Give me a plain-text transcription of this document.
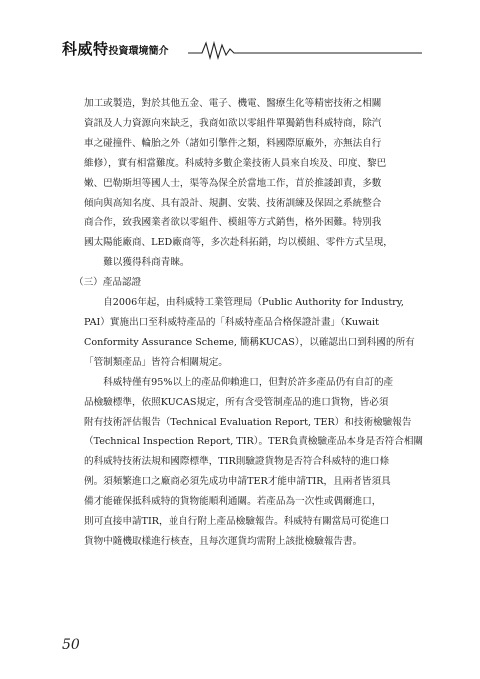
科威特投資環境簡介

加工或製造，對於其他五金、電子、機電、醫療生化等精密技術之相關
資訊及人力資源向來缺乏，我商如欲以零組件單獨銷售科威特商，除汽
車之碰撞件、輪胎之外（諸如引擎件之類，料國際原廠外，亦無法自行
維修），實有相當難度。科威特多數企業技術人員來自埃及、印度、黎巴
嫩、巴勒斯坦等國人士，渠等為保全於當地工作，苜於推諉卸責，多數
傾向與高知名度、具有設計、規劃、安裝、技術訓練及保固之系統整合
商合作，致我國業者欲以零組件、模組等方式銷售，格外困難。特別我
國太陽能廠商、LED廠商等，多次赴科拓銷，均以模組、零件方式呈現，
難以獲得科商青睞。

（三）產品認證

自2006年起，由科威特工業管理局（Public Authority for Industry,
PAI）實施出口至科威特產品的「科威特產品合格保證計畫」（Kuwait
Conformity Assurance Scheme, 簡稱KUCAS），以確認出口到科國的所有
「管制類產品」皆符合相關規定。

科威特僅有95%以上的產品仰賴進口，但對於許多產品仍有自訂的產
品檢驗標準，依照KUCAS規定，所有含受管制產品的進口貨物，皆必須
附有技術評估報告（Technical Evaluation Report, TER）和技術檢驗報告
（Technical Inspection Report, TIR）。TER負責檢驗產品本身是否符合相關
的科威特技術法規和國際標準，TIR則驗證貨物是否符合科威特的進口條
例。須頻繁進口之廠商必須先成功申請TER才能申請TIR，且兩者皆須具
備才能確保抵科威特的貨物能順利通關。若產品為一次性或偶爾進口，
則可直接申請TIR，並自行附上產品檢驗報告。科威特有關當局可從進口
貨物中隨機取樣進行核查，且每次運貨均需附上該批檢驗報告書。

50
